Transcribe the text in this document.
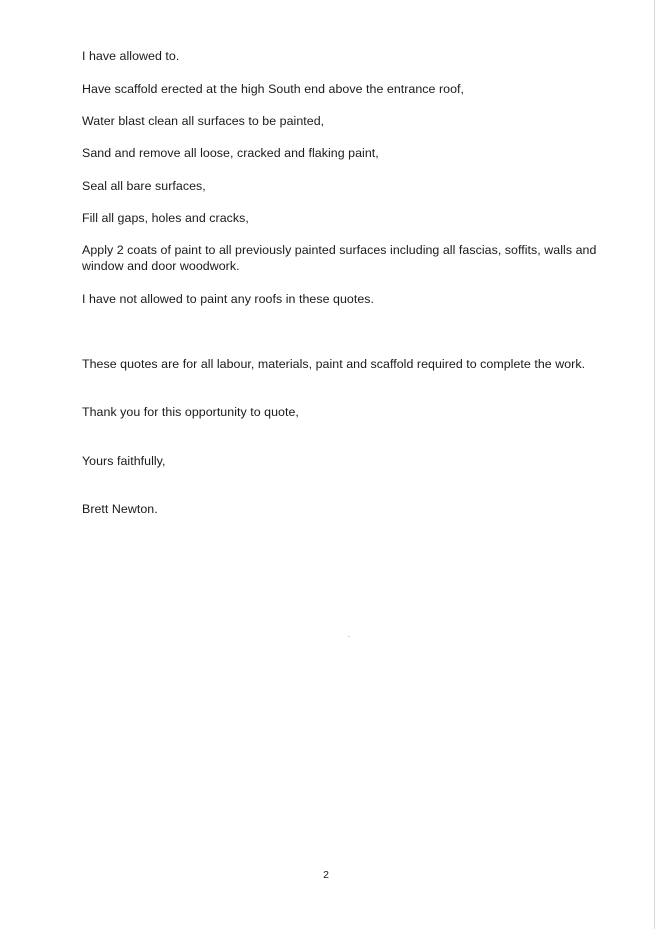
I have allowed to.

Have scaffold erected at the high South end above the entrance roof,

Water blast clean all surfaces to be painted,

Sand and remove all loose, cracked and flaking paint,

Seal all bare surfaces,

Fill all gaps, holes and cracks,

Apply 2 coats of paint to all previously painted surfaces including all fascias, soffits, walls and window and door woodwork.

I have not allowed to paint any roofs in these quotes.

These quotes are for all labour, materials, paint and scaffold required to complete the work.

Thank you for this opportunity to quote,

Yours faithfully,

Brett Newton.

2
